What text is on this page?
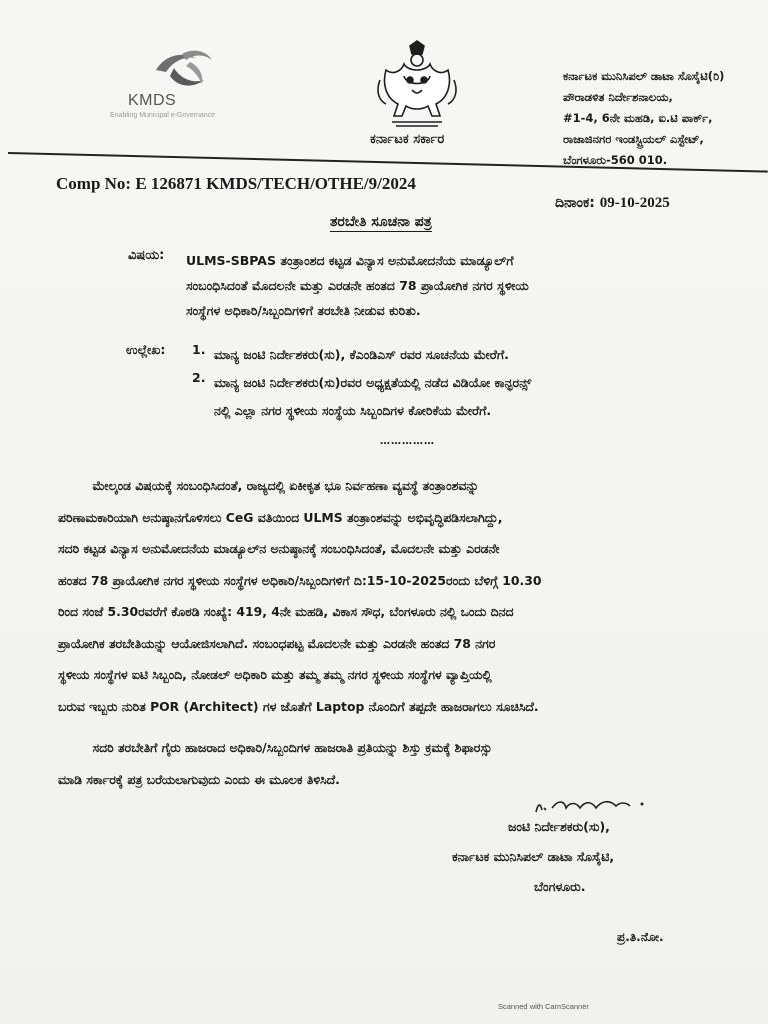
KMDS
Enabling Municipal e-Governance
ಕರ್ನಾಟಕ ಸರ್ಕಾರ
ಕರ್ನಾಟಕ ಮುನಿಸಿಪಲ್ ಡಾಟಾ ಸೊಸೈಟಿ(ರಿ)
ಪೌರಾಡಳಿತ ನಿರ್ದೇಶನಾಲಯ,
#1-4, 6ನೇ ಮಹಡಿ, ಐ.ಟಿ ಪಾರ್ಕ್,
ರಾಜಾಜಿನಗರ ಇಂಡಸ್ಟ್ರಿಯಲ್ ಎಸ್ಟೇಟ್,
ಬೆಂಗಳೂರು-560 010.
Comp No: E 126871 KMDS/TECH/OTHE/9/2024
ದಿನಾಂಕ: 09-10-2025
ತರಬೇತಿ ಸೂಚನಾ ಪತ್ರ
ವಿಷಯ: ULMS-SBPAS ತಂತ್ರಾಂಶದ ಕಟ್ಟಡ ವಿನ್ಯಾಸ ಅನುಮೋದನೆಯ ಮಾಡ್ಯೂಲ್‌ಗೆ
ಸಂಬಂಧಿಸಿದಂತೆ ಮೊದಲನೇ ಮತ್ತು ಎರಡನೇ ಹಂತದ 78 ಪ್ರಾಯೋಗಿಕ ನಗರ ಸ್ಥಳೀಯ
ಸಂಸ್ಥೆಗಳ ಅಧಿಕಾರಿ/ಸಿಬ್ಬಂದಿಗಳಿಗೆ ತರಬೇತಿ ನೀಡುವ ಕುರಿತು.
ಉಲ್ಲೇಖ: 1. ಮಾನ್ಯ ಜಂಟಿ ನಿರ್ದೇಶಕರು(ಸು), ಕೆಎಂಡಿಎಸ್ ರವರ ಸೂಚನೆಯ ಮೇರೆಗೆ.
2. ಮಾನ್ಯ ಜಂಟಿ ನಿರ್ದೇಶಕರು(ಸು)ರವರ ಅಧ್ಯಕ್ಷತೆಯಲ್ಲಿ ನಡೆದ ವಿಡಿಯೋ ಕಾನ್ಫರನ್ಸ್
ನಲ್ಲಿ ಎಲ್ಲಾ ನಗರ ಸ್ಥಳೀಯ ಸಂಸ್ಥೆಯ ಸಿಬ್ಬಂದಿಗಳ ಕೋರಿಕೆಯ ಮೇರೆಗೆ.
……………
ಮೇಲ್ಕಂಡ ವಿಷಯಕ್ಕೆ ಸಂಬಂಧಿಸಿದಂತೆ, ರಾಜ್ಯದಲ್ಲಿ ಏಕೀಕೃತ ಭೂ ನಿರ್ವಹಣಾ ವ್ಯವಸ್ಥೆ ತಂತ್ರಾಂಶವನ್ನು
ಪರಿಣಾಮಕಾರಿಯಾಗಿ ಅನುಷ್ಠಾನಗೊಳಿಸಲು CeG ವತಿಯಿಂದ ULMS ತಂತ್ರಾಂಶವನ್ನು ಅಭಿವೃದ್ಧಿಪಡಿಸಲಾಗಿದ್ದು,
ಸದರಿ ಕಟ್ಟಡ ವಿನ್ಯಾಸ ಅನುಮೋದನೆಯ ಮಾಡ್ಯೂಲ್‌ನ ಅನುಷ್ಠಾನಕ್ಕೆ ಸಂಬಂಧಿಸಿದಂತೆ, ಮೊದಲನೇ ಮತ್ತು ಎರಡನೇ
ಹಂತದ 78 ಪ್ರಾಯೋಗಿಕ ನಗರ ಸ್ಥಳೀಯ ಸಂಸ್ಥೆಗಳ ಅಧಿಕಾರಿ/ಸಿಬ್ಬಂದಿಗಳಿಗೆ ದಿ:15-10-2025ರಂದು ಬೆಳಿಗ್ಗೆ 10.30
ರಿಂದ ಸಂಜೆ 5.30ರವರೆಗೆ ಕೊಠಡಿ ಸಂಖ್ಯೆ: 419, 4ನೇ ಮಹಡಿ, ವಿಕಾಸ ಸೌಧ, ಬೆಂಗಳೂರು ನಲ್ಲಿ ಒಂದು ದಿನದ
ಪ್ರಾಯೋಗಿಕ ತರಬೇತಿಯನ್ನು ಆಯೋಜಿಸಲಾಗಿದೆ. ಸಂಬಂಧಪಟ್ಟ ಮೊದಲನೇ ಮತ್ತು ಎರಡನೇ ಹಂತದ 78 ನಗರ
ಸ್ಥಳೀಯ ಸಂಸ್ಥೆಗಳ ಐಟಿ ಸಿಬ್ಬಂದಿ, ನೋಡಲ್ ಅಧಿಕಾರಿ ಮತ್ತು ತಮ್ಮ ತಮ್ಮ ನಗರ ಸ್ಥಳೀಯ ಸಂಸ್ಥೆಗಳ ವ್ಯಾಪ್ತಿಯಲ್ಲಿ
ಬರುವ ಇಬ್ಬರು ನುರಿತ POR (Architect) ಗಳ ಜೊತೆಗೆ Laptop ನೊಂದಿಗೆ ತಪ್ಪದೇ ಹಾಜರಾಗಲು ಸೂಚಿಸಿದೆ.
ಸದರಿ ತರಬೇತಿಗೆ ಗೈರು ಹಾಜರಾದ ಅಧಿಕಾರಿ/ಸಿಬ್ಬಂದಿಗಳ ಹಾಜರಾತಿ ಪ್ರತಿಯನ್ನು ಶಿಸ್ತು ಕ್ರಮಕ್ಕೆ ಶಿಫಾರಸ್ಸು
ಮಾಡಿ ಸರ್ಕಾರಕ್ಕೆ ಪತ್ರ ಬರೆಯಲಾಗುವುದು ಎಂದು ಈ ಮೂಲಕ ತಿಳಿಸಿದೆ.
ಜಂಟಿ ನಿರ್ದೇಶಕರು(ಸು),
ಕರ್ನಾಟಕ ಮುನಿಸಿಪಲ್ ಡಾಟಾ ಸೊಸೈಟಿ,
ಬೆಂಗಳೂರು.
ಪ್ರ.ತಿ.ನೋ.
Scanned with CamScanner
